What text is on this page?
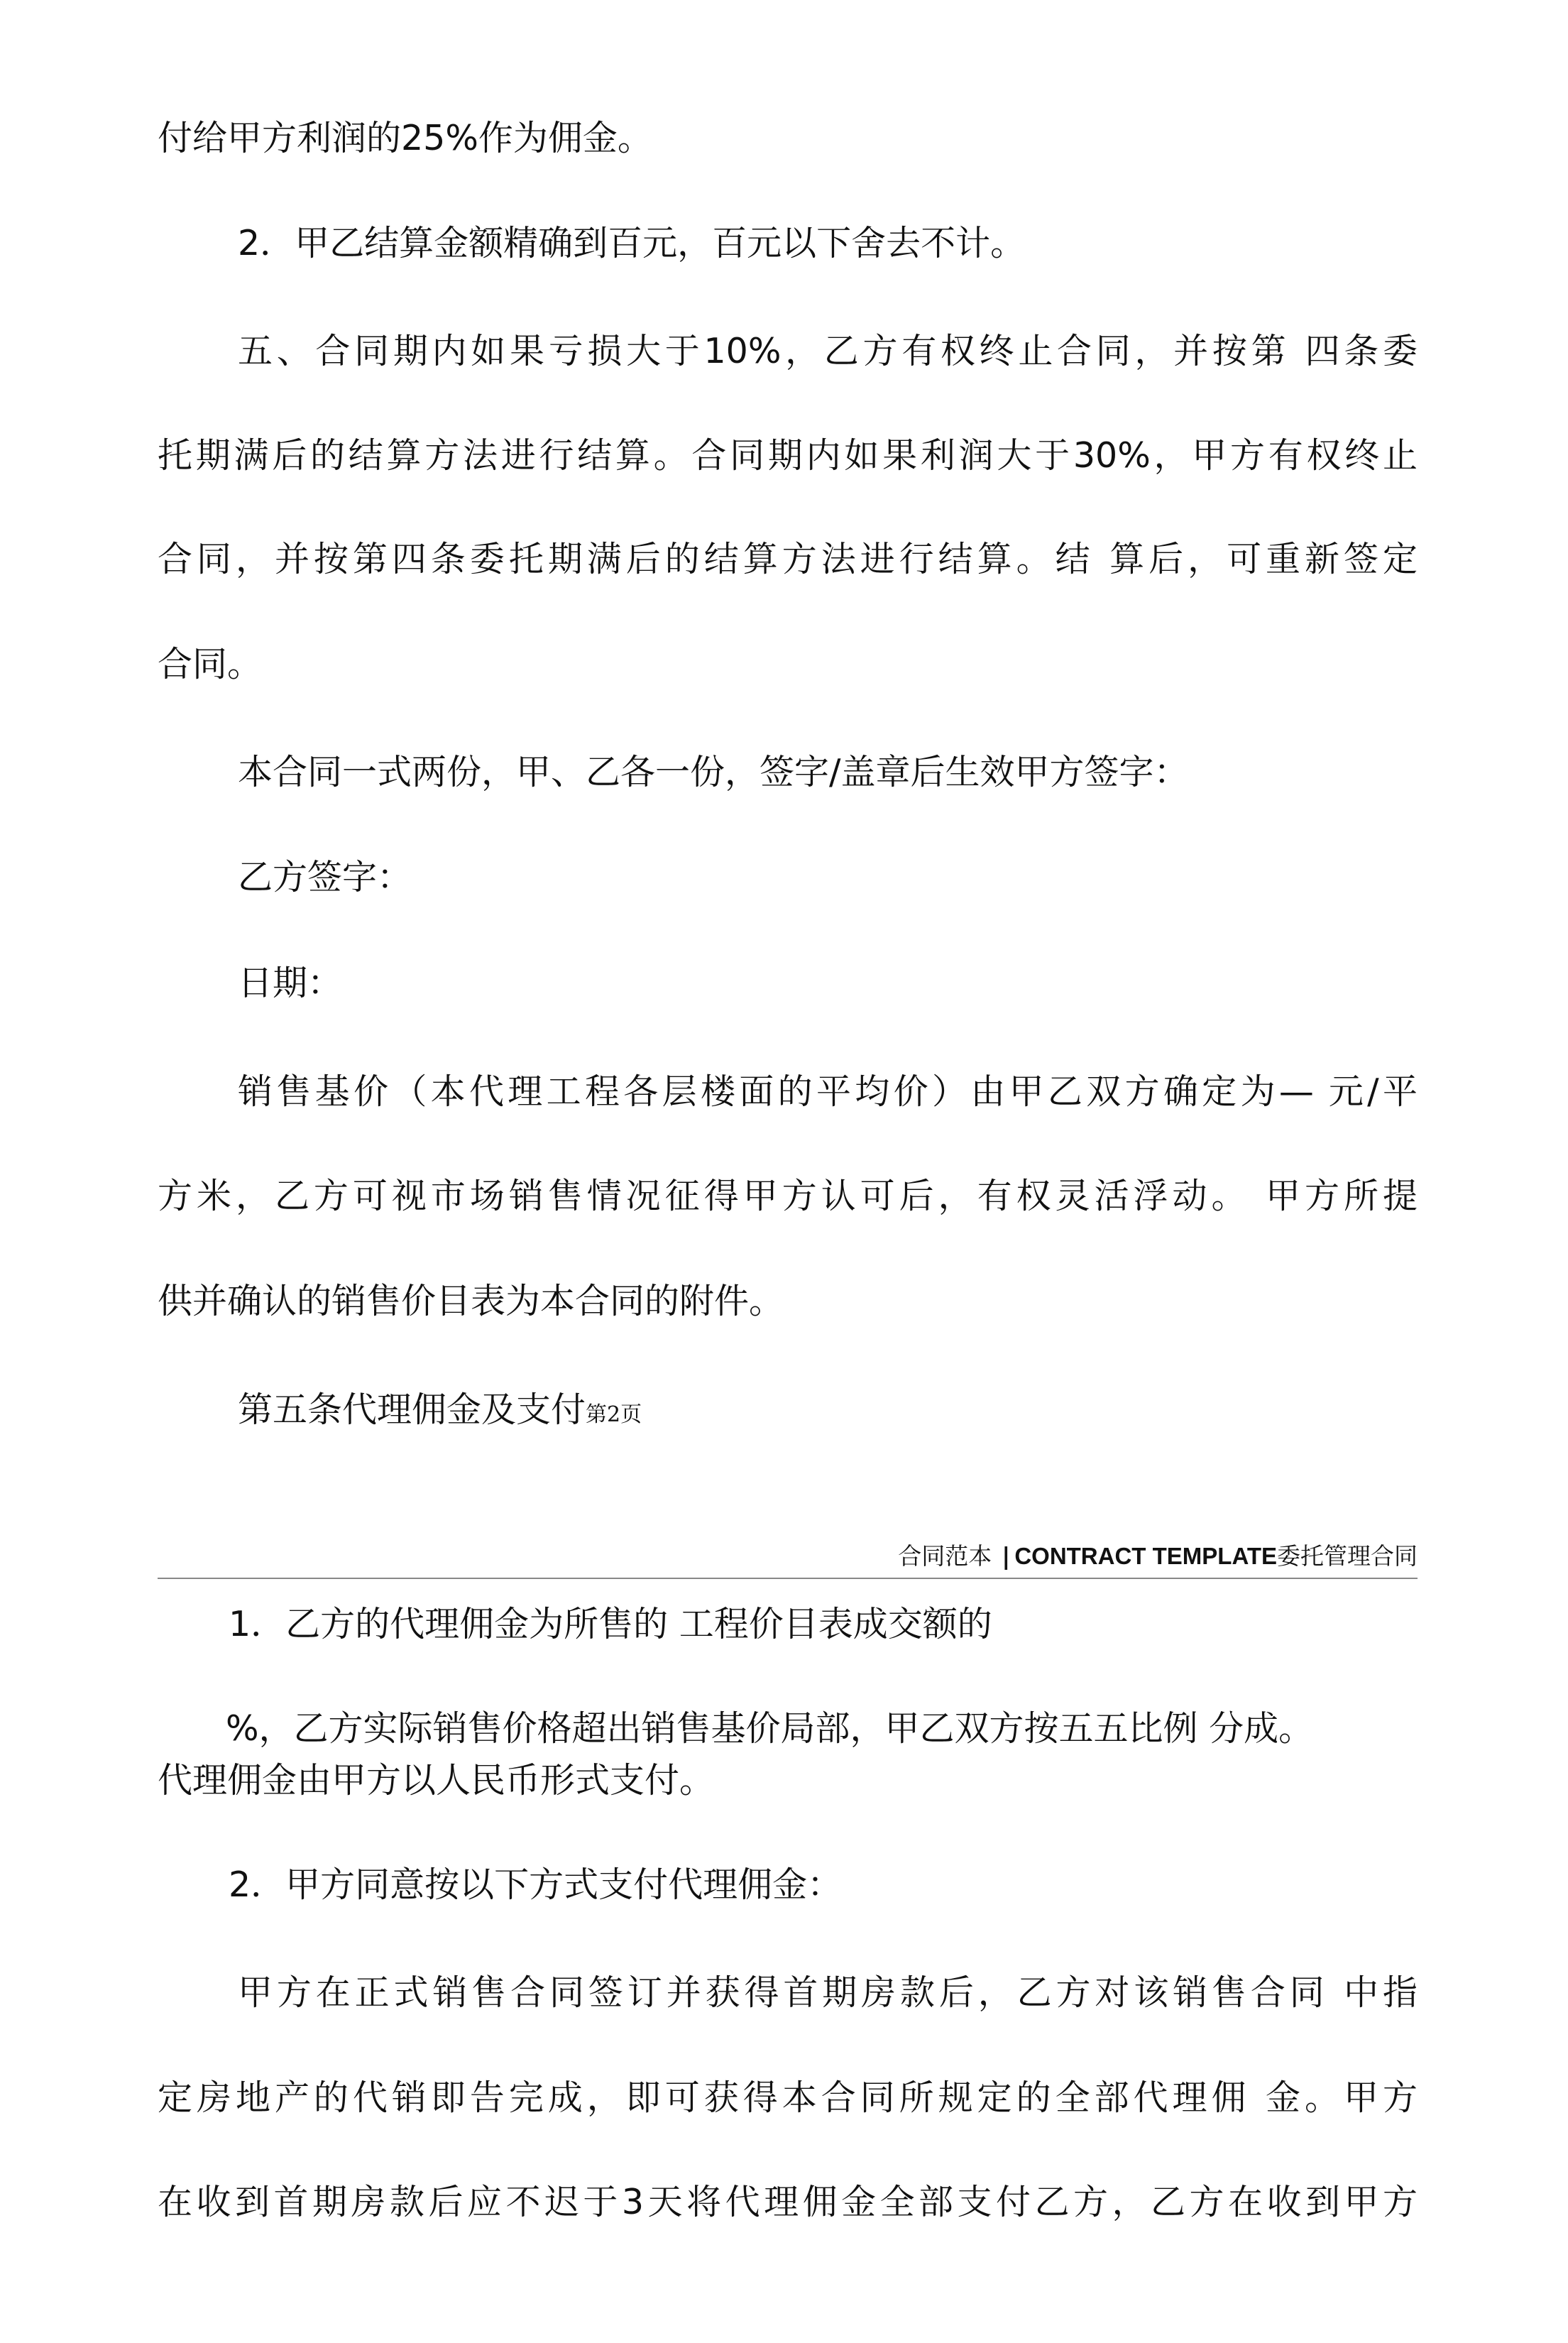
付给甲方利润的25%作为佣金。

2．甲乙结算金额精确到百元，百元以下舍去不计。

五、合同期内如果亏损大于10%，乙方有权终止合同，并按第 四条委

托期满后的结算方法进行结算。合同期内如果利润大于30%，甲方有权终止

合同，并按第四条委托期满后的结算方法进行结算。结 算后，可重新签定

合同。

本合同一式两份，甲、乙各一份，签字/盖章后生效甲方签字：

乙方签字：

日期：

销售基价（本代理工程各层楼面的平均价）由甲乙双方确定为— 元/平

方米，乙方可视市场销售情况征得甲方认可后，有权灵活浮动。 甲方所提

供并确认的销售价目表为本合同的附件。

第五条代理佣金及支付第2页

合同范本 | CONTRACT TEMPLATE委托管理合同

1．乙方的代理佣金为所售的 工程价目表成交额的

%，乙方实际销售价格超出销售基价局部，甲乙双方按五五比例 分成。

代理佣金由甲方以人民币形式支付。

2．甲方同意按以下方式支付代理佣金：

甲方在正式销售合同签订并获得首期房款后，乙方对该销售合同 中指

定房地产的代销即告完成，即可获得本合同所规定的全部代理佣 金。甲方

在收到首期房款后应不迟于3天将代理佣金全部支付乙方，乙方在收到甲方
